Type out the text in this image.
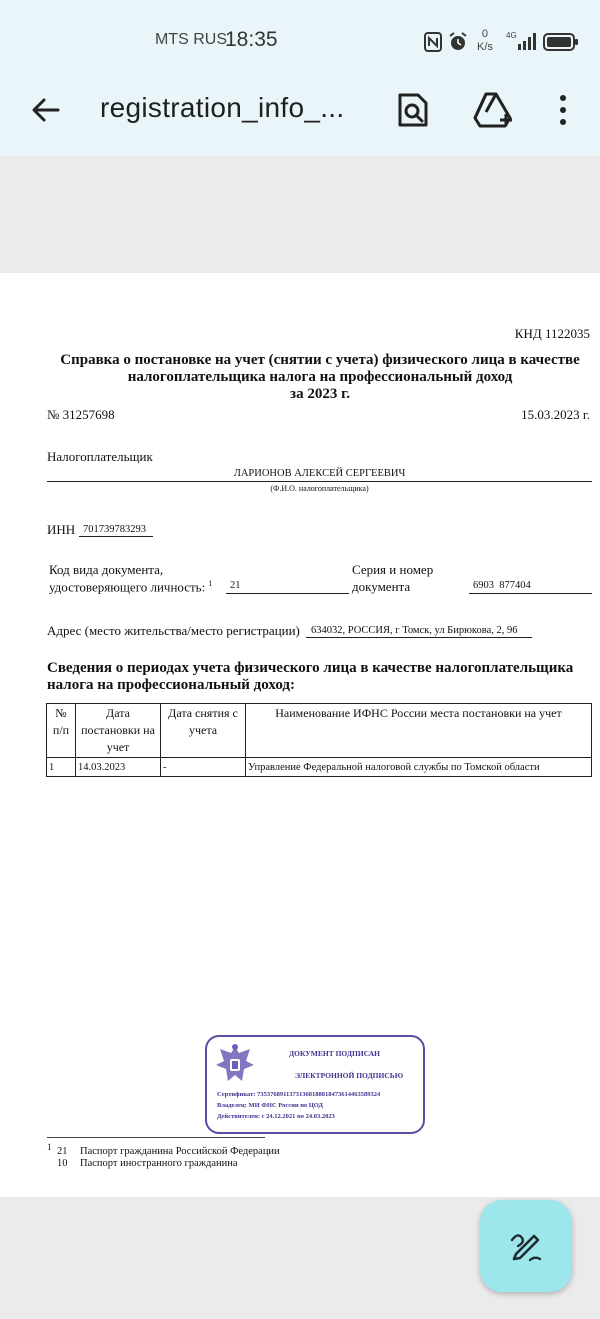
MTS RUS
18:35	0
K/s
4G
registration_info_...
КНД 1122035
Справка о постановке на учет (снятии с учета) физического лица в качестве
налогоплательщика налога на профессиональный доход
за 2023 г.
№ 31257698	15.03.2023 г.
Налогоплательщик
ЛАРИОНОВ АЛЕКСЕЙ СЕРГЕЕВИЧ
(Ф.И.О. налогоплательщика)
ИНН 701739783293
Код вида документа,
удостоверяющего личность: $^1$ 21
Серия и номер
документа	6903  877404
Адрес (место жительства/место регистрации) 634032, РОССИЯ, г Томск, ул Бирюкова, 2, 96
Сведения о периодах учета физического лица в качестве налогоплательщика налога на профессиональный доход:
№ п/п	Дата постановки на учет	Дата снятия с учета	Наименование ИФНС России места постановки на учет
1	14.03.2023	-	Управление Федеральной налоговой службы по Томской области
ДОКУМЕНТ ПОДПИСАН
ЭЛЕКТРОННОЙ ПОДПИСЬЮ
Сертификат: 735376891137313681888184736144635893​24
Владелец: МИ ФНС России по ЦОД
Действителен: с 24.12.2021 по 24.03.2023
1 21 Паспорт гражданина Российской Федерации
10 Паспорт иностранного гражданина
